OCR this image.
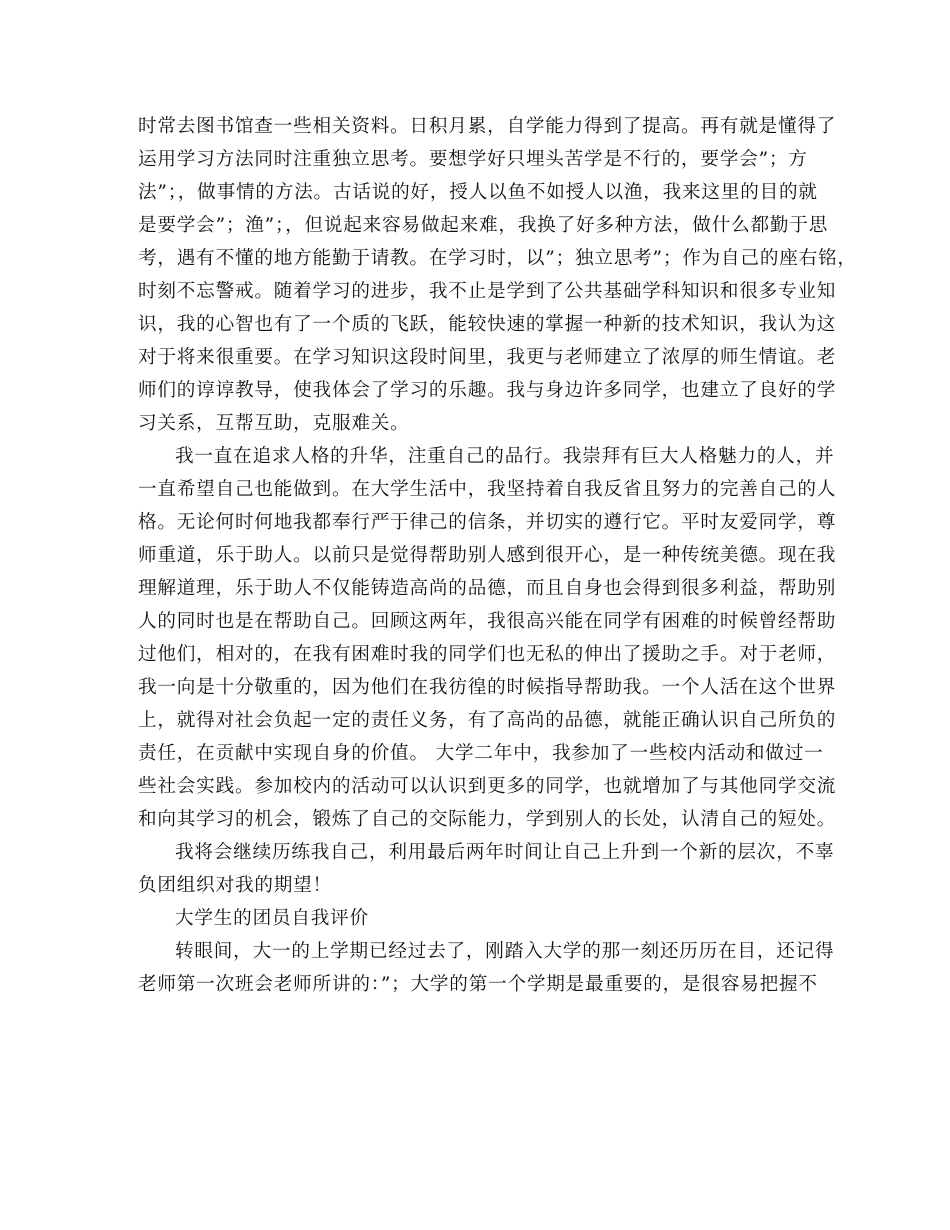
时常去图书馆查一些相关资料。日积月累，自学能力得到了提高。再有就是懂得了
运用学习方法同时注重独立思考。要想学好只埋头苦学是不行的，要学会”；方
法”；，做事情的方法。古话说的好，授人以鱼不如授人以渔，我来这里的目的就
是要学会”；渔”；，但说起来容易做起来难，我换了好多种方法，做什么都勤于思
考，遇有不懂的地方能勤于请教。在学习时，以”；独立思考”；作为自己的座右铭，
时刻不忘警戒。随着学习的进步，我不止是学到了公共基础学科知识和很多专业知
识，我的心智也有了一个质的飞跃，能较快速的掌握一种新的技术知识，我认为这
对于将来很重要。在学习知识这段时间里，我更与老师建立了浓厚的师生情谊。老
师们的谆谆教导，使我体会了学习的乐趣。我与身边许多同学，也建立了良好的学
习关系，互帮互助，克服难关。
我一直在追求人格的升华，注重自己的品行。我崇拜有巨大人格魅力的人，并
一直希望自己也能做到。在大学生活中，我坚持着自我反省且努力的完善自己的人
格。无论何时何地我都奉行严于律己的信条，并切实的遵行它。平时友爱同学，尊
师重道，乐于助人。以前只是觉得帮助别人感到很开心，是一种传统美德。现在我
理解道理，乐于助人不仅能铸造高尚的品德，而且自身也会得到很多利益，帮助别
人的同时也是在帮助自己。回顾这两年，我很高兴能在同学有困难的时候曾经帮助
过他们，相对的，在我有困难时我的同学们也无私的伸出了援助之手。对于老师，
我一向是十分敬重的，因为他们在我彷徨的时候指导帮助我。一个人活在这个世界
上，就得对社会负起一定的责任义务，有了高尚的品德，就能正确认识自己所负的
责任，在贡献中实现自身的价值。 大学二年中，我参加了一些校内活动和做过一
些社会实践。参加校内的活动可以认识到更多的同学，也就增加了与其他同学交流
和向其学习的机会，锻炼了自己的交际能力，学到别人的长处，认清自己的短处。
我将会继续历练我自己，利用最后两年时间让自己上升到一个新的层次，不辜
负团组织对我的期望！
大学生的团员自我评价
转眼间，大一的上学期已经过去了，刚踏入大学的那一刻还历历在目，还记得
老师第一次班会老师所讲的：”；大学的第一个学期是最重要的，是很容易把握不
